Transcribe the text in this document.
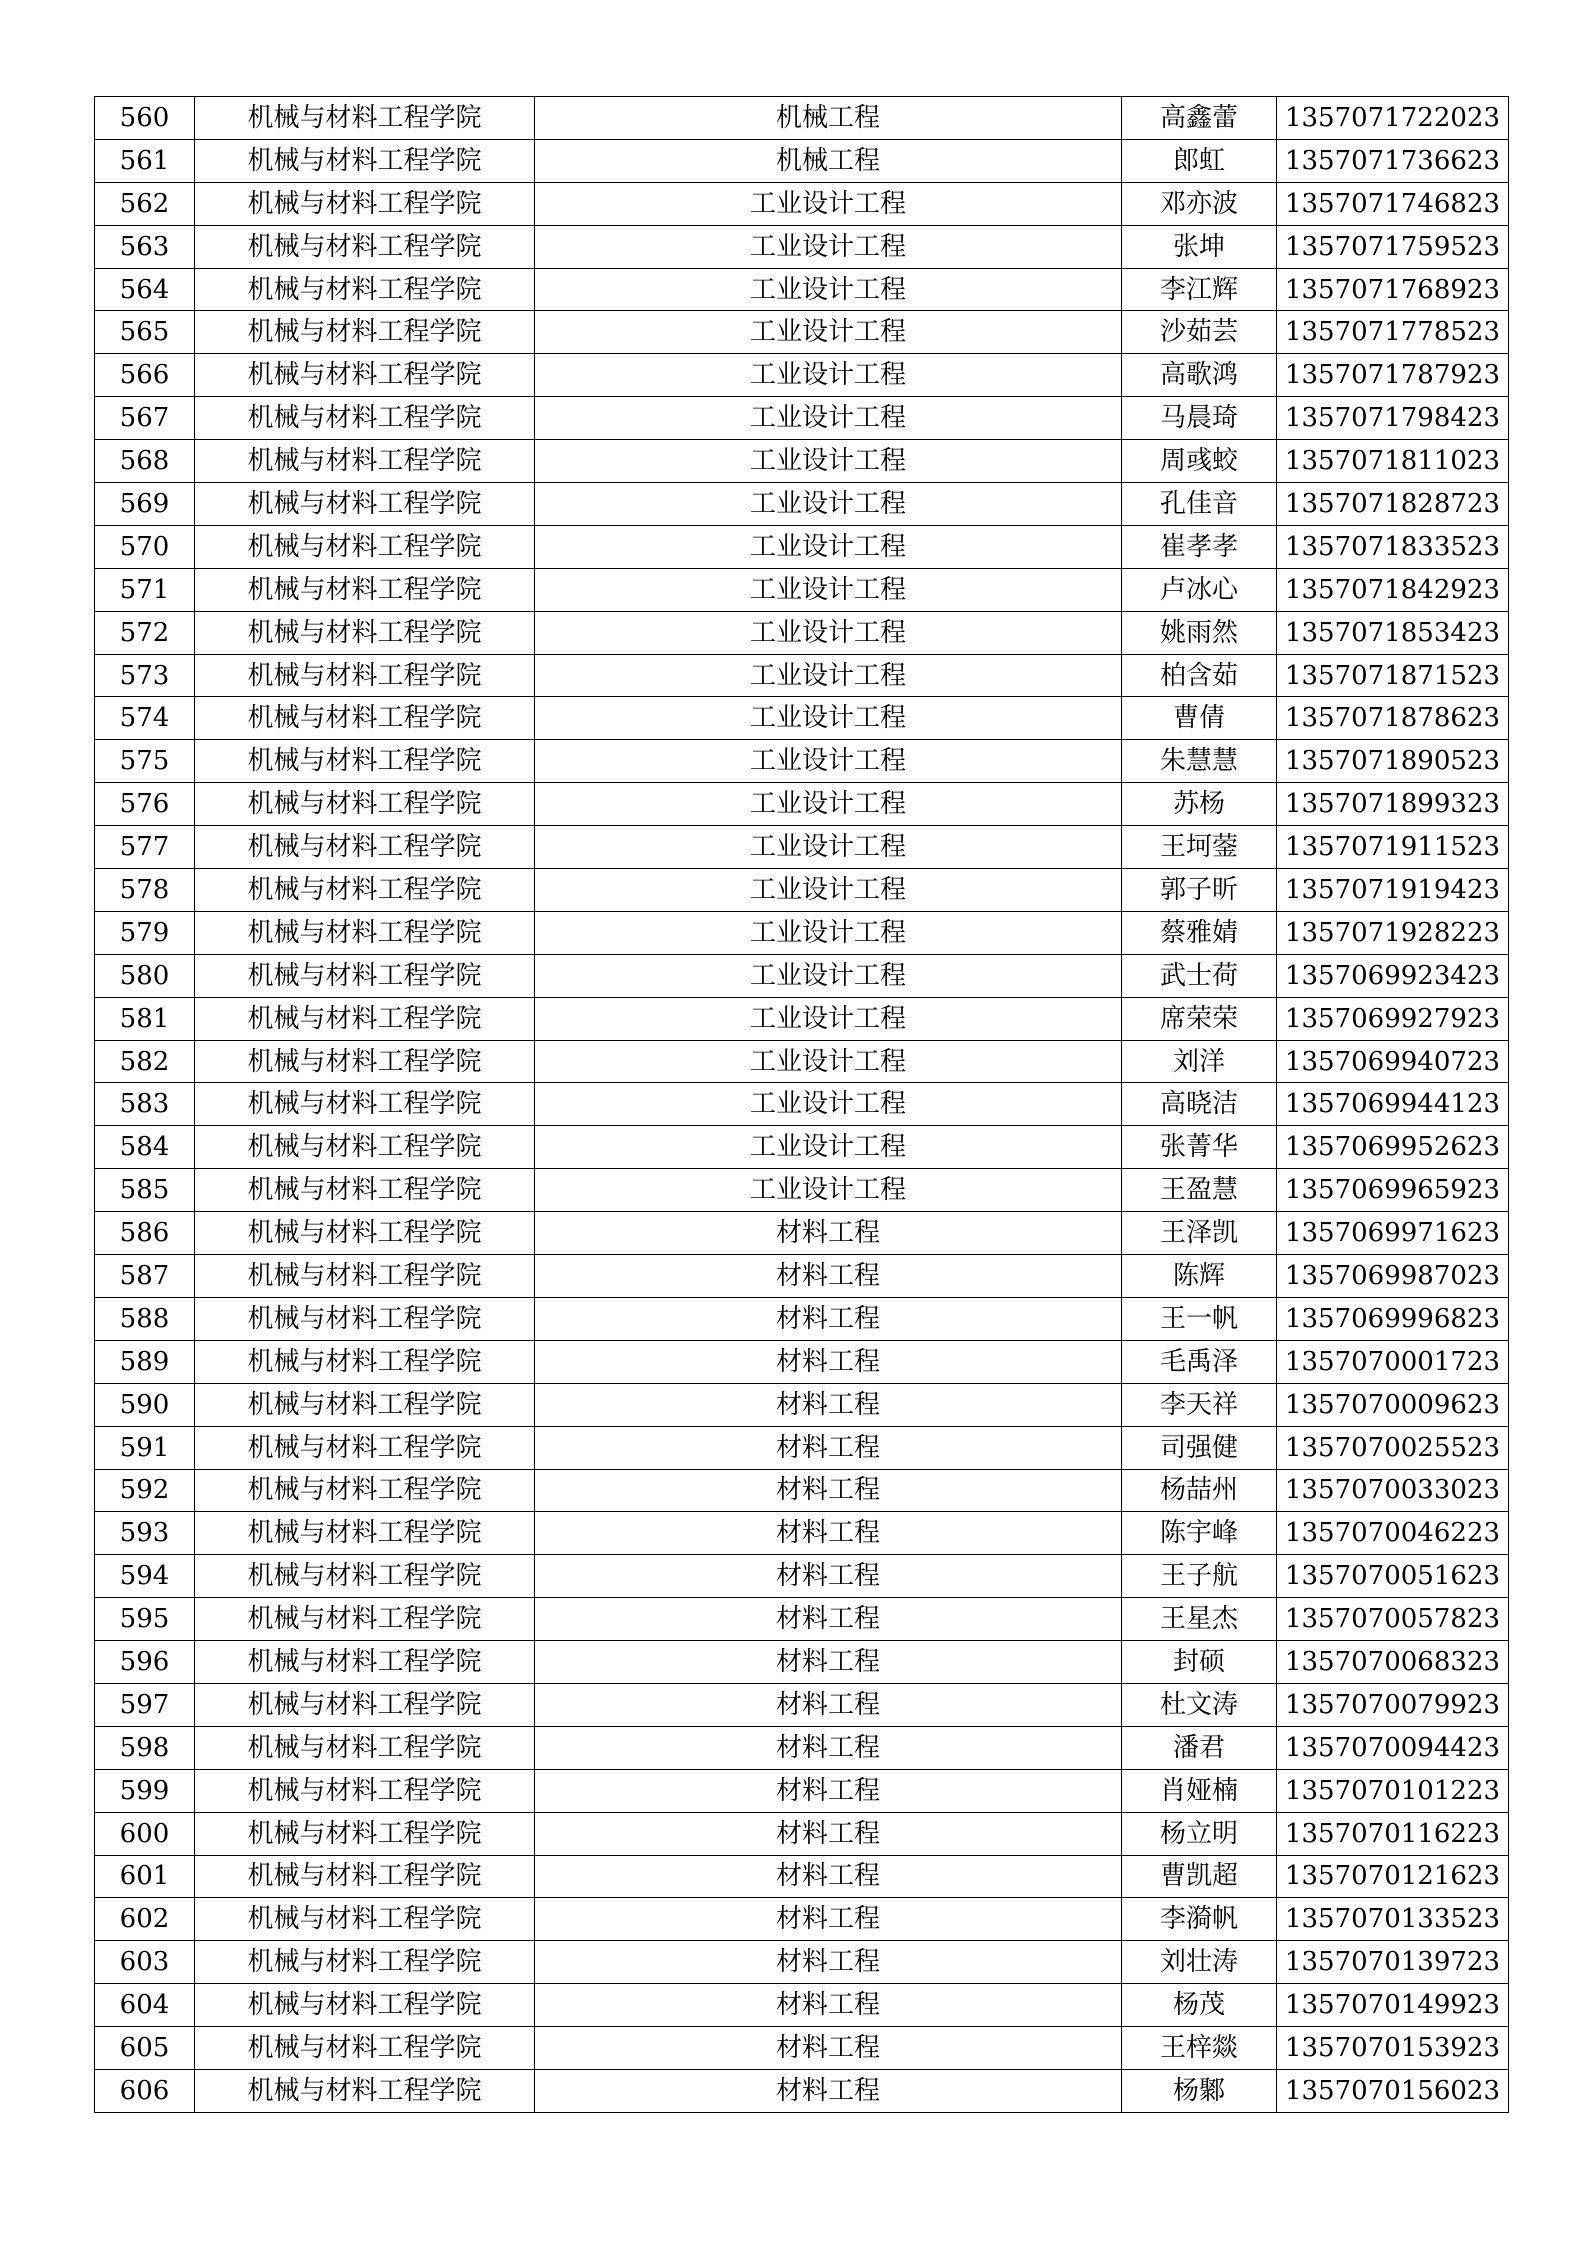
560	机械与材料工程学院	机械工程	高鑫蕾	1357071722023
561	机械与材料工程学院	机械工程	郎虹	1357071736623
562	机械与材料工程学院	工业设计工程	邓亦波	1357071746823
563	机械与材料工程学院	工业设计工程	张坤	1357071759523
564	机械与材料工程学院	工业设计工程	李江辉	1357071768923
565	机械与材料工程学院	工业设计工程	沙茹芸	1357071778523
566	机械与材料工程学院	工业设计工程	高歌鸿	1357071787923
567	机械与材料工程学院	工业设计工程	马晨琦	1357071798423
568	机械与材料工程学院	工业设计工程	周彧蛟	1357071811023
569	机械与材料工程学院	工业设计工程	孔佳音	1357071828723
570	机械与材料工程学院	工业设计工程	崔孝孝	1357071833523
571	机械与材料工程学院	工业设计工程	卢冰心	1357071842923
572	机械与材料工程学院	工业设计工程	姚雨然	1357071853423
573	机械与材料工程学院	工业设计工程	柏含茹	1357071871523
574	机械与材料工程学院	工业设计工程	曹倩	1357071878623
575	机械与材料工程学院	工业设计工程	朱慧慧	1357071890523
576	机械与材料工程学院	工业设计工程	苏杨	1357071899323
577	机械与材料工程学院	工业设计工程	王坷蓥	1357071911523
578	机械与材料工程学院	工业设计工程	郭子昕	1357071919423
579	机械与材料工程学院	工业设计工程	蔡雅婧	1357071928223
580	机械与材料工程学院	工业设计工程	武士荷	1357069923423
581	机械与材料工程学院	工业设计工程	席荣荣	1357069927923
582	机械与材料工程学院	工业设计工程	刘洋	1357069940723
583	机械与材料工程学院	工业设计工程	高晓洁	1357069944123
584	机械与材料工程学院	工业设计工程	张菁华	1357069952623
585	机械与材料工程学院	工业设计工程	王盈慧	1357069965923
586	机械与材料工程学院	材料工程	王泽凯	1357069971623
587	机械与材料工程学院	材料工程	陈辉	1357069987023
588	机械与材料工程学院	材料工程	王一帆	1357069996823
589	机械与材料工程学院	材料工程	毛禹泽	1357070001723
590	机械与材料工程学院	材料工程	李天祥	1357070009623
591	机械与材料工程学院	材料工程	司强健	1357070025523
592	机械与材料工程学院	材料工程	杨喆州	1357070033023
593	机械与材料工程学院	材料工程	陈宇峰	1357070046223
594	机械与材料工程学院	材料工程	王子航	1357070051623
595	机械与材料工程学院	材料工程	王星杰	1357070057823
596	机械与材料工程学院	材料工程	封硕	1357070068323
597	机械与材料工程学院	材料工程	杜文涛	1357070079923
598	机械与材料工程学院	材料工程	潘君	1357070094423
599	机械与材料工程学院	材料工程	肖娅楠	1357070101223
600	机械与材料工程学院	材料工程	杨立明	1357070116223
601	机械与材料工程学院	材料工程	曹凯超	1357070121623
602	机械与材料工程学院	材料工程	李漪帆	1357070133523
603	机械与材料工程学院	材料工程	刘壮涛	1357070139723
604	机械与材料工程学院	材料工程	杨茂	1357070149923
605	机械与材料工程学院	材料工程	王梓燚	1357070153923
606	机械与材料工程学院	材料工程	杨鄹	1357070156023
